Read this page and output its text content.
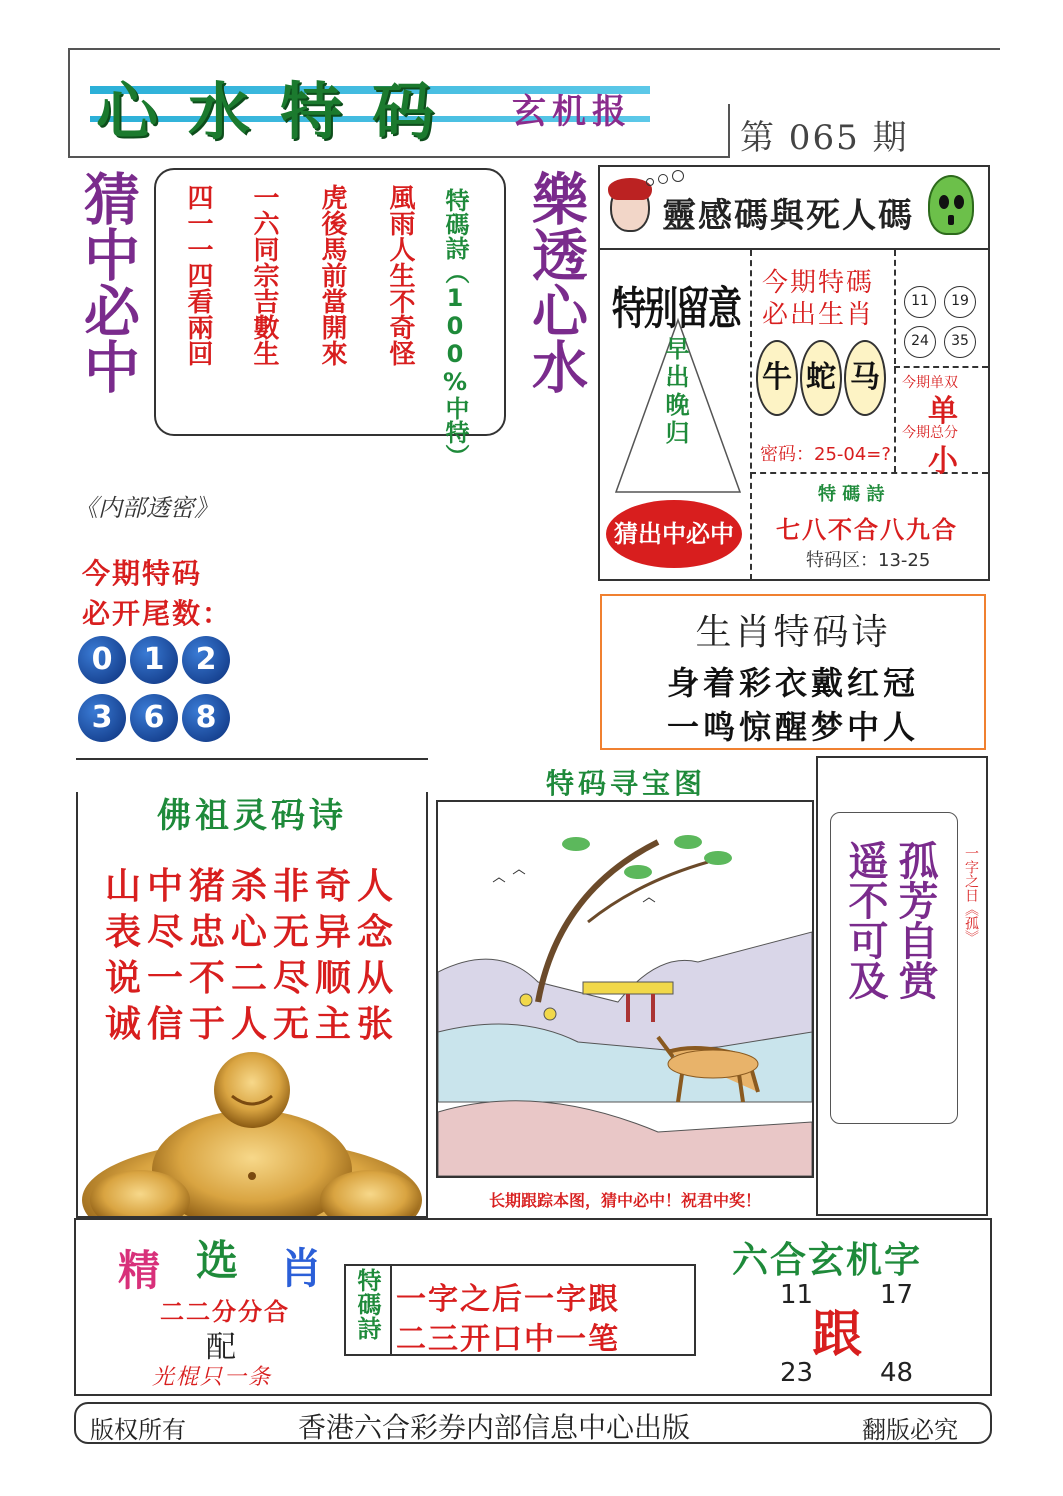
心水特码 玄机报
第 065 期
猜中必中	樂透心水
四一一四看兩回 一六同宗吉數生 虎後馬前當開來 風雨人生不奇怪 特碼詩（100%中特）	靈感碼與死人碼
特别留意
早出晚归
猜出中必中
今期特碼
必出生肖
牛 蛇 马
密码：25-04=?
11	19
24	35
今期单双
单
今期总分
小
特 碼 詩
七八不合八九合
特码区：13-25
《内部透密》
今期特码
必开尾数：
0	1	2
3	6	8
生肖特码诗
身着彩衣戴红冠
一鸣惊醒梦中人
佛祖灵码诗
山中猪杀非奇人
表尽忠心无异念
说一不二尽顺从
诚信于人无主张
特码寻宝图
长期跟踪本图，猜中必中！祝君中奖！
遥不可及 孤芳自赏 一字之日《孤》
精 选 肖
二二分分合
配
光棍只一条
特碼詩 一字之后一字跟
二三开口中一笔
六合玄机字
11	17
跟
23	48
版权所有	香港六合彩券内部信息中心出版	翻版必究
